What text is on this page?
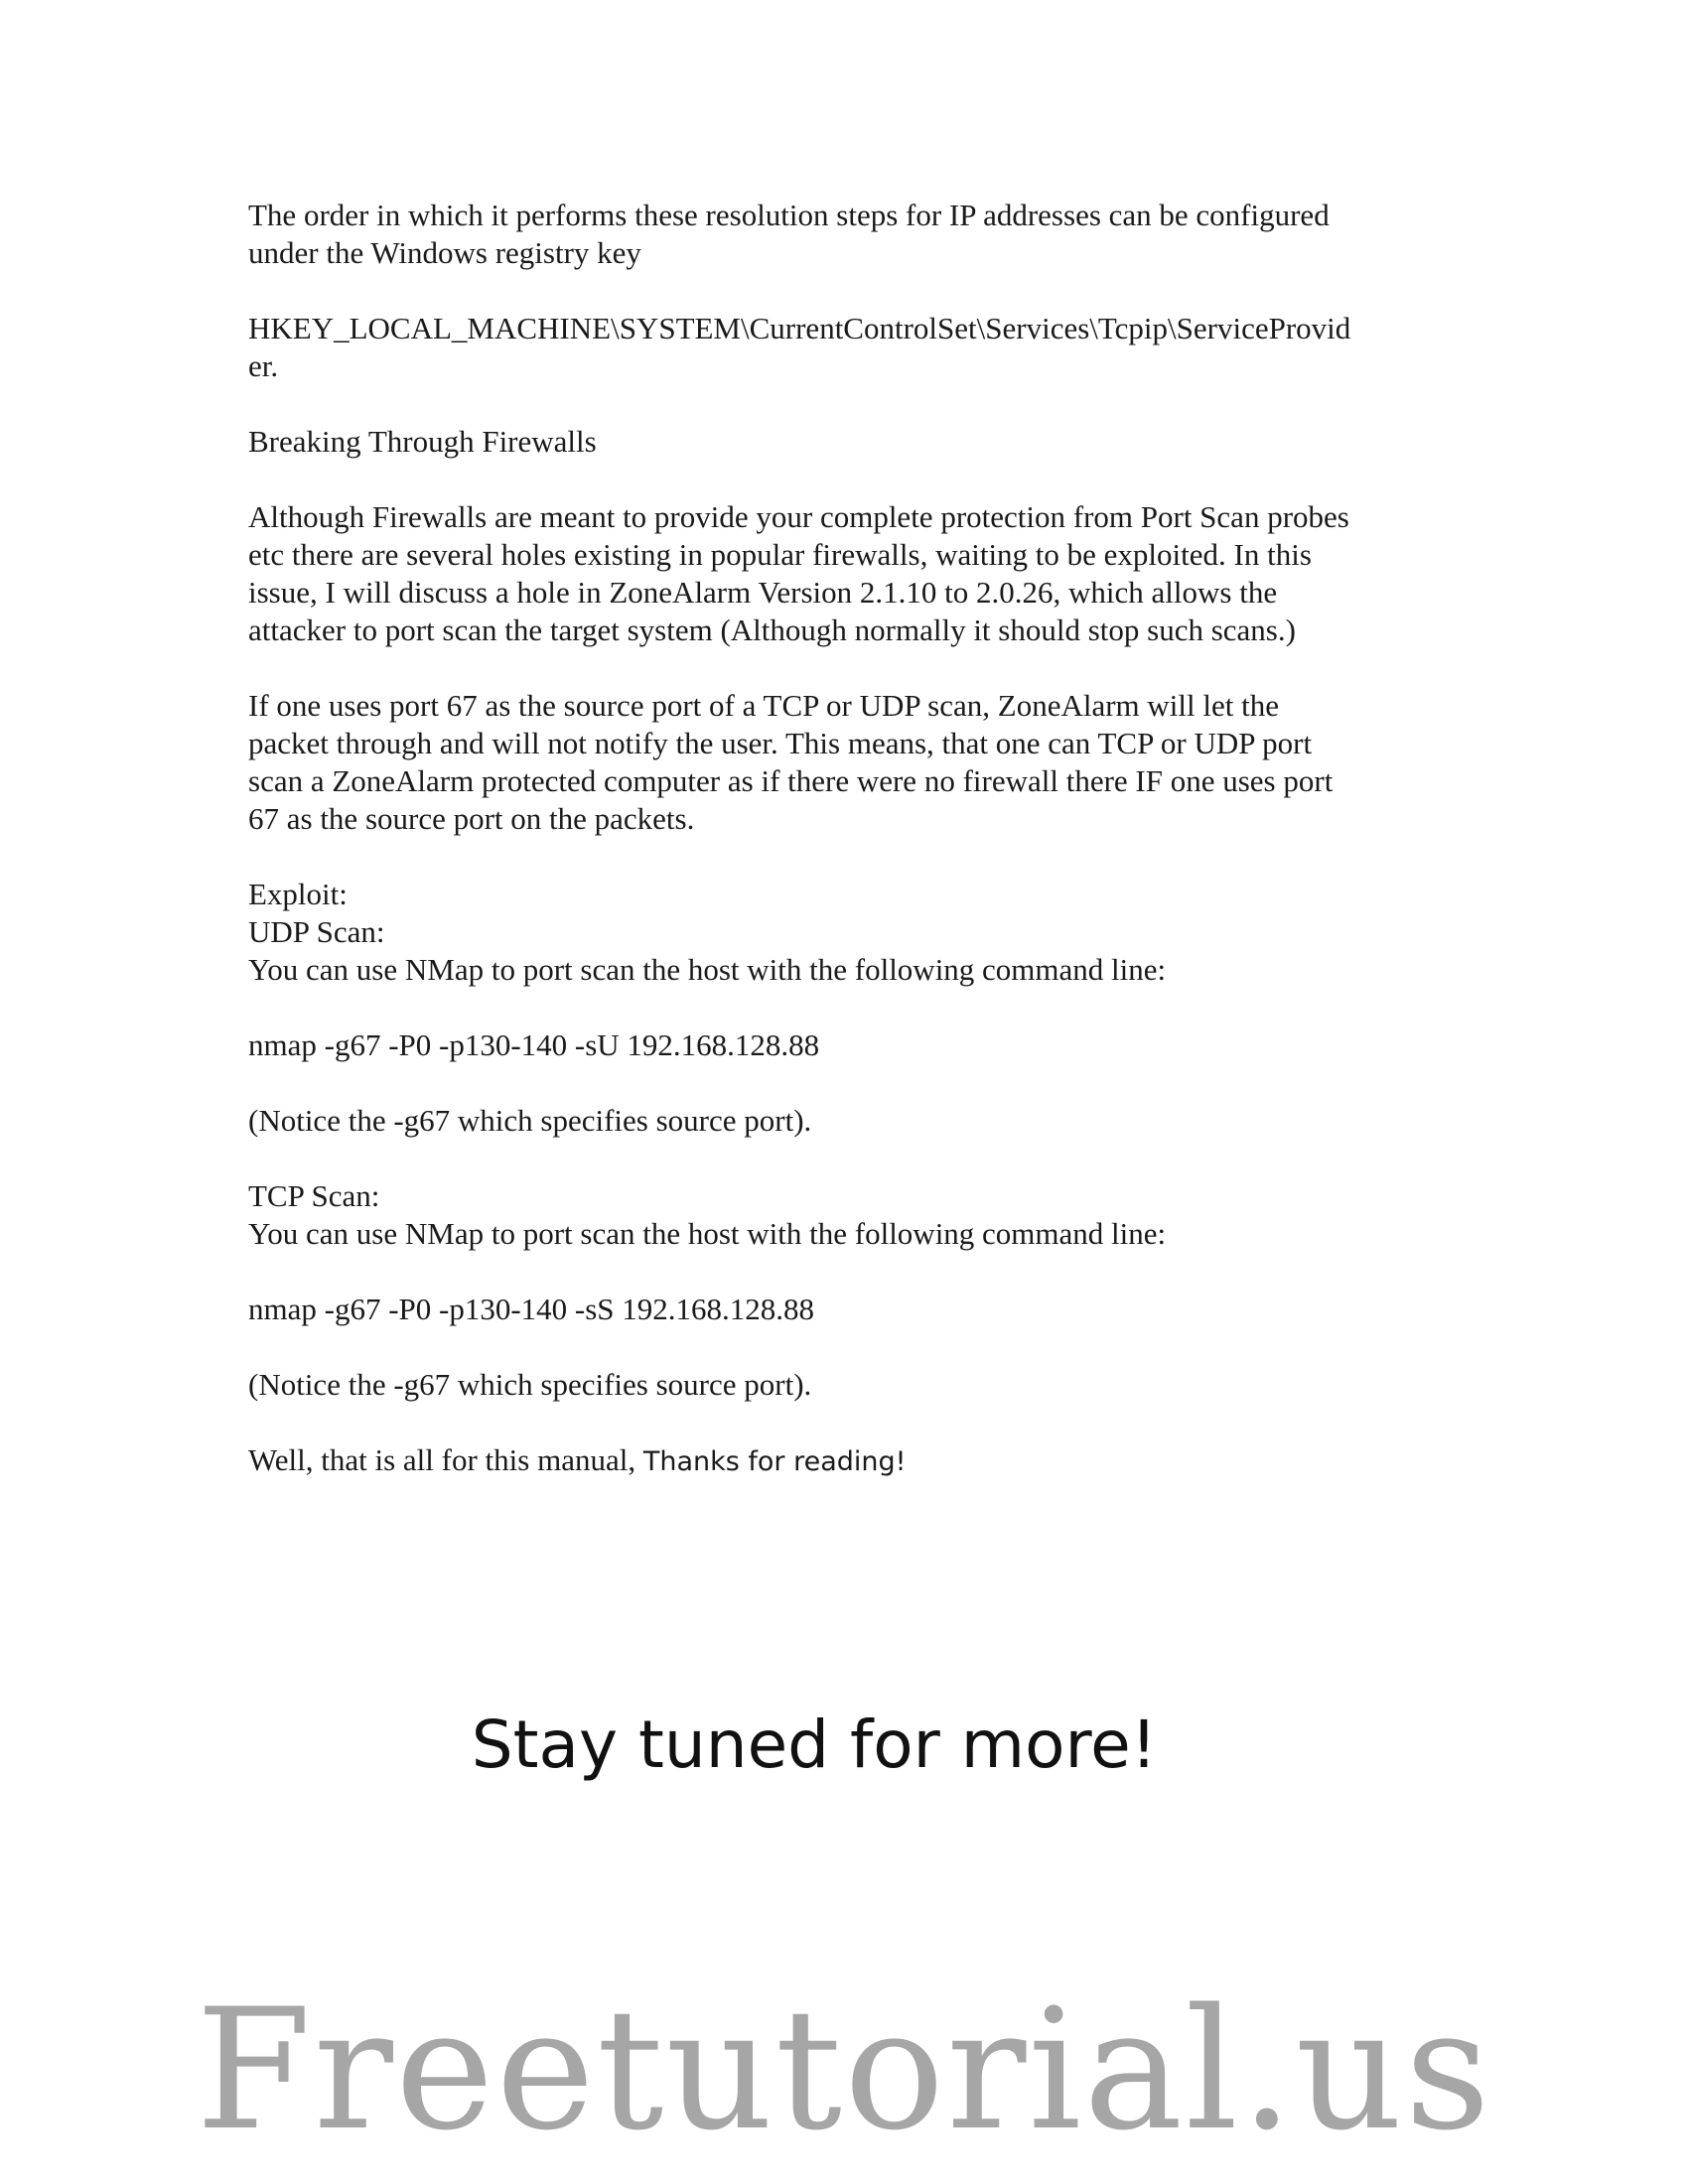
The order in which it performs these resolution steps for IP addresses can be configured
under the Windows registry key

HKEY_LOCAL_MACHINE\SYSTEM\CurrentControlSet\Services\Tcpip\ServiceProvid
er.

Breaking Through Firewalls

Although Firewalls are meant to provide your complete protection from Port Scan probes
etc there are several holes existing in popular firewalls, waiting to be exploited. In this
issue, I will discuss a hole in ZoneAlarm Version 2.1.10 to 2.0.26, which allows the
attacker to port scan the target system (Although normally it should stop such scans.)

If one uses port 67 as the source port of a TCP or UDP scan, ZoneAlarm will let the
packet through and will not notify the user. This means, that one can TCP or UDP port
scan a ZoneAlarm protected computer as if there were no firewall there IF one uses port
67 as the source port on the packets.

Exploit:

UDP Scan:

You can use NMap to port scan the host with the following command line:

nmap -g67 -P0 -p130-140 -sU 192.168.128.88

(Notice the -g67 which specifies source port).

TCP Scan:

You can use NMap to port scan the host with the following command line:

nmap -g67 -P0 -p130-140 -sS 192.168.128.88

(Notice the -g67 which specifies source port).

Well, that is all for this manual, Thanks for reading!

Stay tuned for more!
Freetutorial.us
